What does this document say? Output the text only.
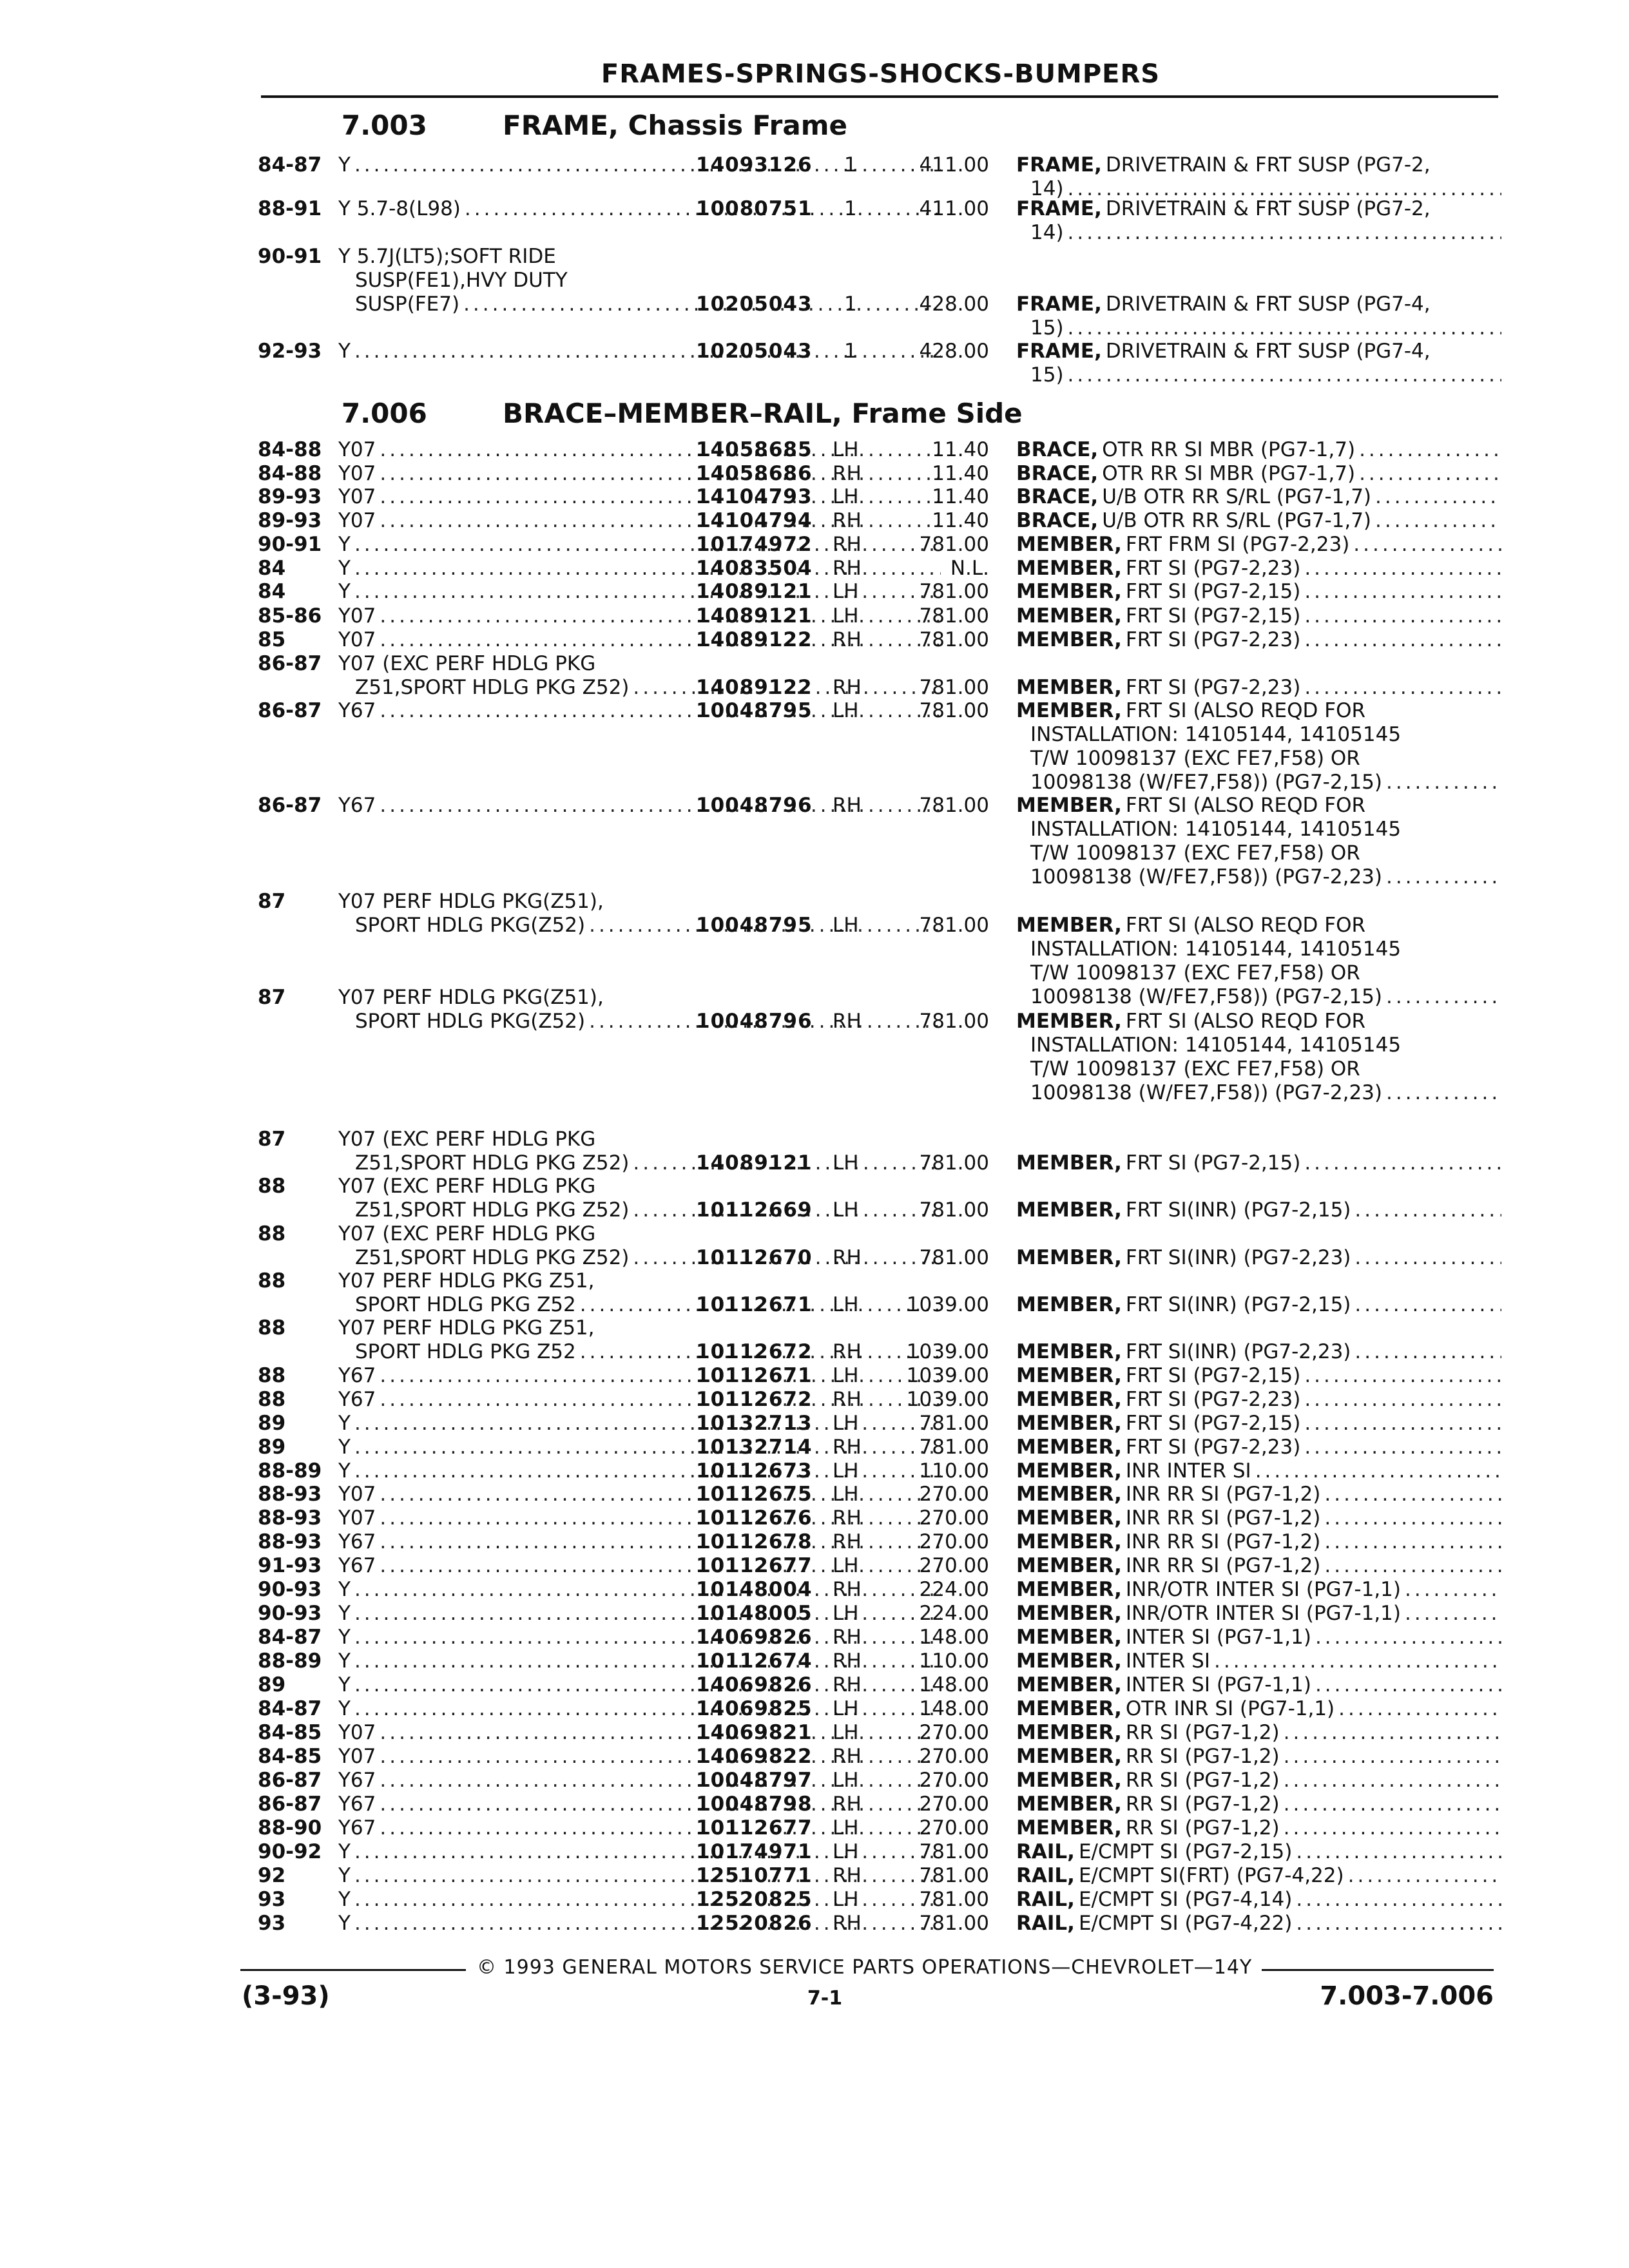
FRAMES-SPRINGS-SHOCKS-BUMPERS
7.003	FRAME, Chassis Frame
7.006	BRACE–MEMBER–RAIL, Frame Side
84-87 Y .....	14093126	1	411.00 FRAME, DRIVETRAIN & FRT SUSP (PG7-2,
14)
.....
88-91 Y 5.7-8(L98) .....	10080751	1	411.00 FRAME, DRIVETRAIN & FRT SUSP (PG7-2,
14)
.....
90-91 Y 5.7J(LT5);SOFT RIDE
SUSP(FE1),HVY DUTY
SUSP(FE7) .....	10205043	1	428.00 FRAME, DRIVETRAIN & FRT SUSP (PG7-4,
15)
.....
92-93 Y .....	10205043	1	428.00 FRAME, DRIVETRAIN & FRT SUSP (PG7-4,
15)
.....
84-88 Y07 .....	14058685	LH	11.40 BRACE, OTR RR SI MBR (PG7-1,7)
.....
84-88 Y07 .....	14058686	RH	11.40 BRACE, OTR RR SI MBR (PG7-1,7)
.....
89-93 Y07 .....	14104793	LH	11.40 BRACE, U/B OTR RR S/RL (PG7-1,7)
.....
89-93 Y07 .....	14104794	RH	11.40 BRACE, U/B OTR RR S/RL (PG7-1,7)
.....
90-91 Y .....	10174972	RH	781.00 MEMBER, FRT FRM SI (PG7-2,23)
.....
84	Y .....	14083504	RH	N.L. MEMBER, FRT SI (PG7-2,23)
.....
84	Y .....	14089121	LH	781.00 MEMBER, FRT SI (PG7-2,15)
.....
85-86 Y07 .....	14089121	LH	781.00 MEMBER, FRT SI (PG7-2,15)
.....
85	Y07 .....	14089122	RH	781.00 MEMBER, FRT SI (PG7-2,23)
.....
86-87 Y07 (EXC PERF HDLG PKG
Z51,SPORT HDLG PKG Z52) .....	14089122	RH	781.00 MEMBER, FRT SI (PG7-2,23)
.....
86-87 Y67 .....	10048795	LH	781.00 MEMBER, FRT SI (ALSO REQD FOR
INSTALLATION: 14105144, 14105145
T/W 10098137 (EXC FE7,F58) OR
10098138 (W/FE7,F58)) (PG7-2,15)
.....
86-87 Y67 .....	10048796	RH	781.00 MEMBER, FRT SI (ALSO REQD FOR
INSTALLATION: 14105144, 14105145
T/W 10098137 (EXC FE7,F58) OR
10098138 (W/FE7,F58)) (PG7-2,23)
.....
87	Y07 PERF HDLG PKG(Z51),
SPORT HDLG PKG(Z52) .....	10048795	LH	781.00 MEMBER, FRT SI (ALSO REQD FOR
INSTALLATION: 14105144, 14105145
T/W 10098137 (EXC FE7,F58) OR
10098138 (W/FE7,F58)) (PG7-2,15)
.....
87	Y07 PERF HDLG PKG(Z51),
SPORT HDLG PKG(Z52) .....	10048796	RH	781.00 MEMBER, FRT SI (ALSO REQD FOR
INSTALLATION: 14105144, 14105145
T/W 10098137 (EXC FE7,F58) OR
10098138 (W/FE7,F58)) (PG7-2,23)
.....
87	Y07 (EXC PERF HDLG PKG
Z51,SPORT HDLG PKG Z52) .....	14089121	LH	781.00 MEMBER, FRT SI (PG7-2,15)
.....
88	Y07 (EXC PERF HDLG PKG
Z51,SPORT HDLG PKG Z52) .....	10112669	LH	781.00 MEMBER, FRT SI(INR) (PG7-2,15)
.....
88	Y07 (EXC PERF HDLG PKG
Z51,SPORT HDLG PKG Z52) .....	10112670	RH	781.00 MEMBER, FRT SI(INR) (PG7-2,23)
.....
88	Y07 PERF HDLG PKG Z51,
SPORT HDLG PKG Z52 .....	10112671	LH	1039.00 MEMBER, FRT SI(INR) (PG7-2,15)
.....
88	Y07 PERF HDLG PKG Z51,
SPORT HDLG PKG Z52 .....	10112672	RH	1039.00 MEMBER, FRT SI(INR) (PG7-2,23)
.....
88	Y67 .....	10112671	LH	1039.00 MEMBER, FRT SI (PG7-2,15)
.....
88	Y67 .....	10112672	RH	1039.00 MEMBER, FRT SI (PG7-2,23)
.....
89	Y .....	10132713	LH	781.00 MEMBER, FRT SI (PG7-2,15)
.....
89	Y .....	10132714	RH	781.00 MEMBER, FRT SI (PG7-2,23)
.....
88-89 Y .....	10112673	LH	110.00 MEMBER, INR INTER SI
.....
88-93 Y07 .....	10112675	LH	270.00 MEMBER, INR RR SI (PG7-1,2)
.....
88-93 Y07 .....	10112676	RH	270.00 MEMBER, INR RR SI (PG7-1,2)
.....
88-93 Y67 .....	10112678	RH	270.00 MEMBER, INR RR SI (PG7-1,2)
.....
91-93 Y67 .....	10112677	LH	270.00 MEMBER, INR RR SI (PG7-1,2)
.....
90-93 Y .....	10148004	RH	224.00 MEMBER, INR/OTR INTER SI (PG7-1,1)
.....
90-93 Y .....	10148005	LH	224.00 MEMBER, INR/OTR INTER SI (PG7-1,1)
.....
84-87 Y .....	14069826	RH	148.00 MEMBER, INTER SI (PG7-1,1)
.....
88-89 Y .....	10112674	RH	110.00 MEMBER, INTER SI
.....
89	Y .....	14069826	RH	148.00 MEMBER, INTER SI (PG7-1,1)
.....
84-87 Y .....	14069825	LH	148.00 MEMBER, OTR INR SI (PG7-1,1)
.....
84-85 Y07 .....	14069821	LH	270.00 MEMBER, RR SI (PG7-1,2)
.....
84-85 Y07 .....	14069822	RH	270.00 MEMBER, RR SI (PG7-1,2)
.....
86-87 Y67 .....	10048797	LH	270.00 MEMBER, RR SI (PG7-1,2)
.....
86-87 Y67 .....	10048798	RH	270.00 MEMBER, RR SI (PG7-1,2)
.....
88-90 Y67 .....	10112677	LH	270.00 MEMBER, RR SI (PG7-1,2)
.....
90-92 Y .....	10174971	LH	781.00 RAIL, E/CMPT SI (PG7-2,15)
.....
92	Y .....	12510771	RH	781.00 RAIL, E/CMPT SI(FRT) (PG7-4,22)
.....
93	Y .....	12520825	LH	781.00 RAIL, E/CMPT SI (PG7-4,14)
.....
93	Y .....	12520826	RH	781.00 RAIL, E/CMPT SI (PG7-4,22)
.....
© 1993 GENERAL MOTORS SERVICE PARTS OPERATIONS—CHEVROLET—14Y
(3-93)	7-1	7.003-7.006
